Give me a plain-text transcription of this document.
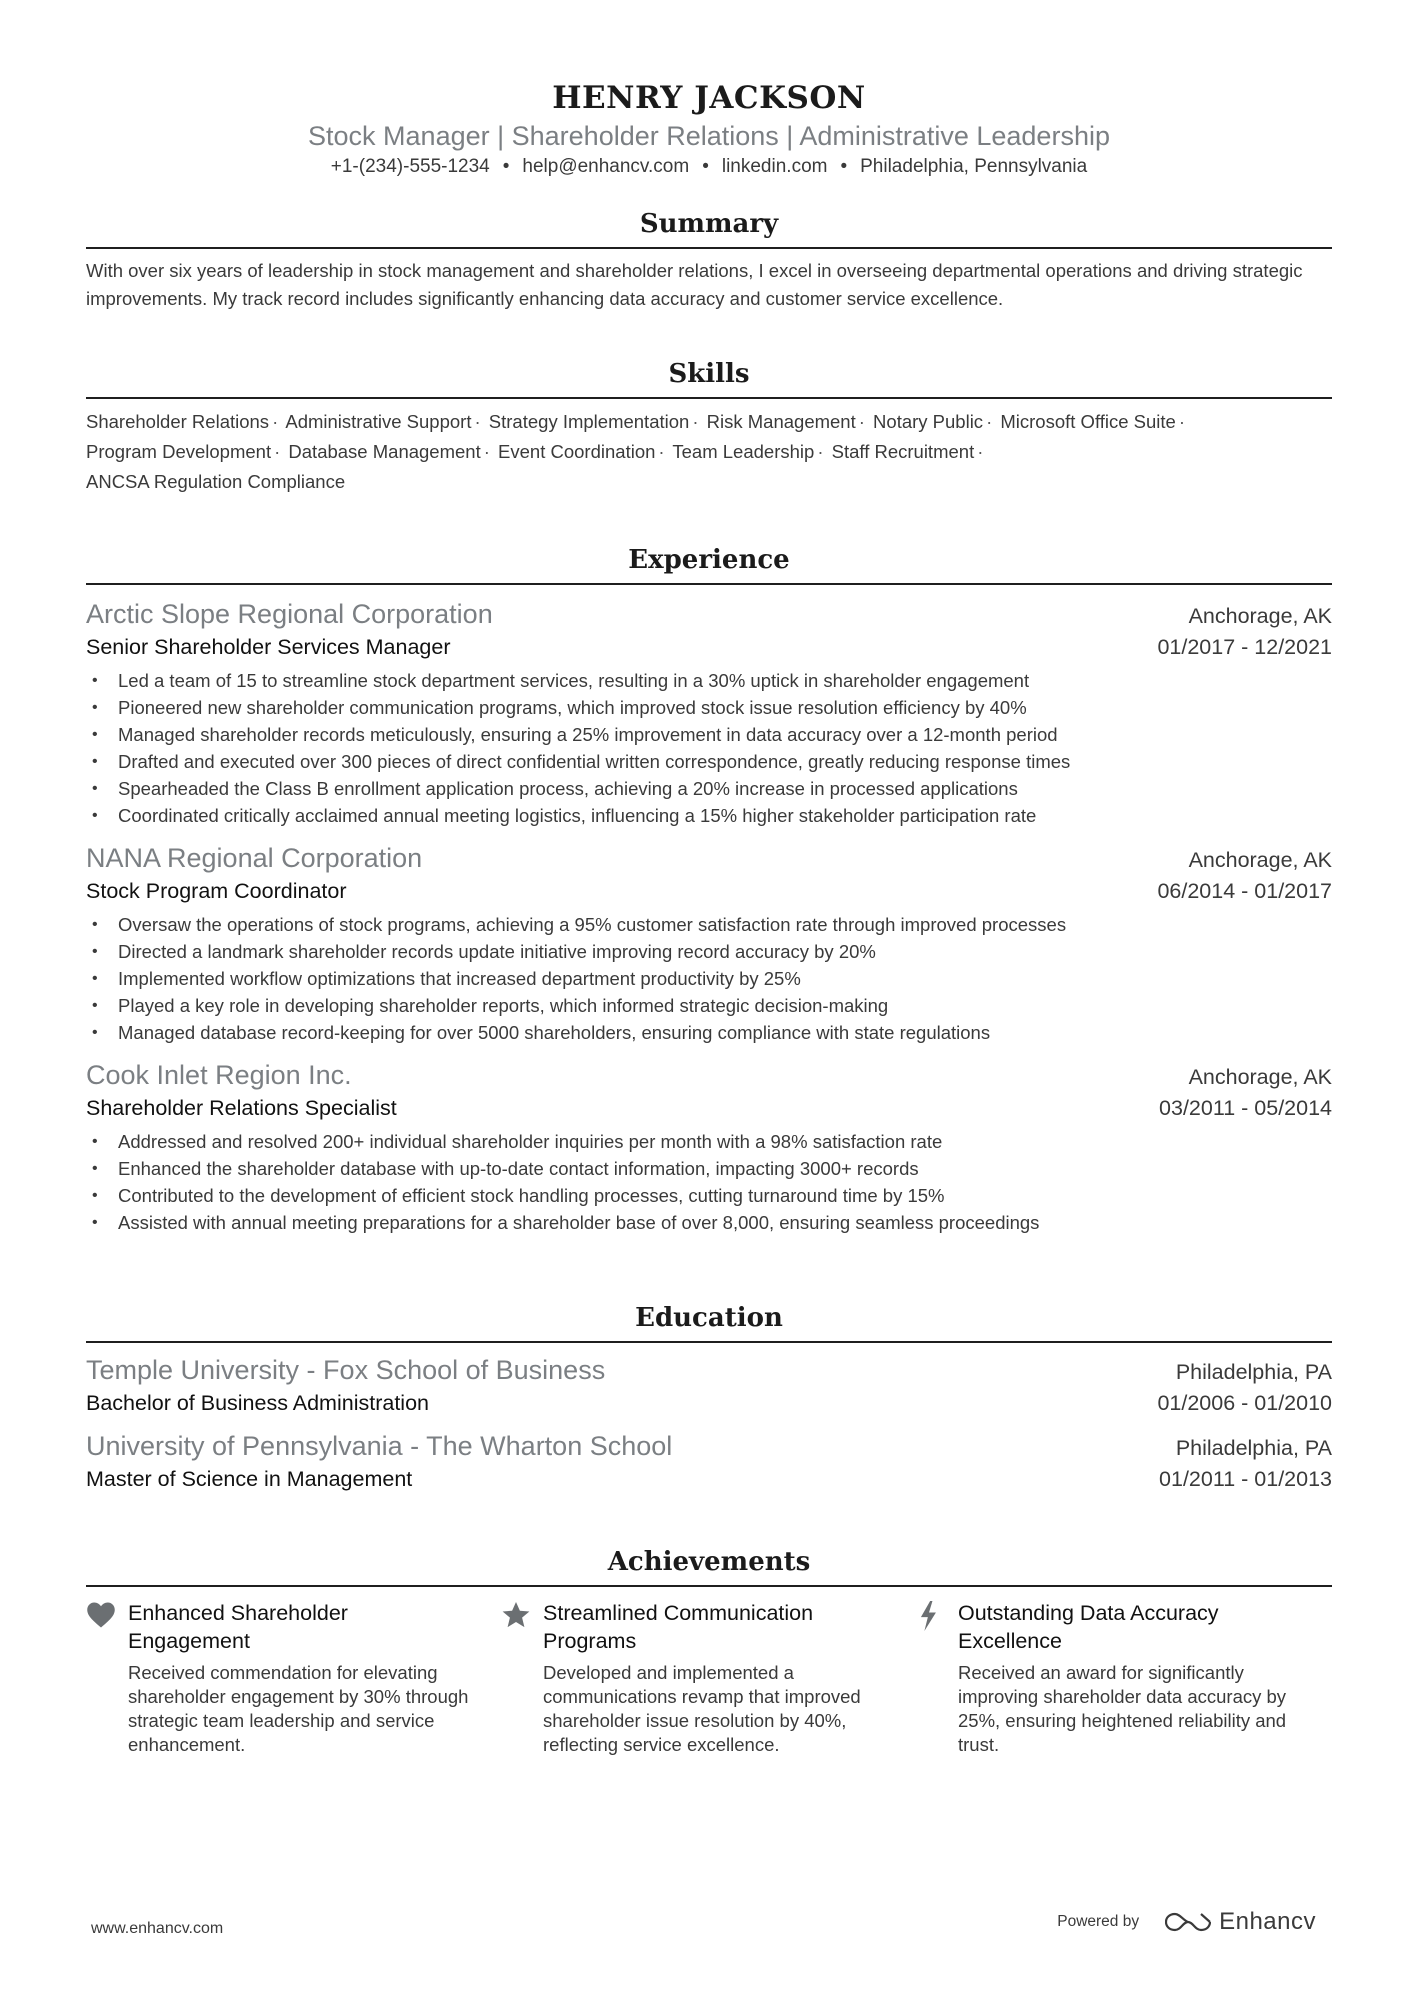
HENRY JACKSON
Stock Manager | Shareholder Relations | Administrative Leadership
+1-(234)-555-1234 • help@enhancv.com • linkedin.com • Philadelphia, Pennsylvania
Summary
With over six years of leadership in stock management and shareholder relations, I excel in overseeing departmental operations and driving strategic improvements. My track record includes significantly enhancing data accuracy and customer service excellence.
Skills
Shareholder Relations · Administrative Support · Strategy Implementation · Risk Management · Notary Public · Microsoft Office Suite ·
Program Development · Database Management · Event Coordination · Team Leadership · Staff Recruitment ·
ANCSA Regulation Compliance
Experience
Arctic Slope Regional Corporation	Anchorage, AK
Senior Shareholder Services Manager	01/2017 - 12/2021
• Led a team of 15 to streamline stock department services, resulting in a 30% uptick in shareholder engagement
• Pioneered new shareholder communication programs, which improved stock issue resolution efficiency by 40%
• Managed shareholder records meticulously, ensuring a 25% improvement in data accuracy over a 12-month period
• Drafted and executed over 300 pieces of direct confidential written correspondence, greatly reducing response times
• Spearheaded the Class B enrollment application process, achieving a 20% increase in processed applications
• Coordinated critically acclaimed annual meeting logistics, influencing a 15% higher stakeholder participation rate
NANA Regional Corporation	Anchorage, AK
Stock Program Coordinator	06/2014 - 01/2017
• Oversaw the operations of stock programs, achieving a 95% customer satisfaction rate through improved processes
• Directed a landmark shareholder records update initiative improving record accuracy by 20%
• Implemented workflow optimizations that increased department productivity by 25%
• Played a key role in developing shareholder reports, which informed strategic decision-making
• Managed database record-keeping for over 5000 shareholders, ensuring compliance with state regulations
Cook Inlet Region Inc.	Anchorage, AK
Shareholder Relations Specialist	03/2011 - 05/2014
• Addressed and resolved 200+ individual shareholder inquiries per month with a 98% satisfaction rate
• Enhanced the shareholder database with up-to-date contact information, impacting 3000+ records
• Contributed to the development of efficient stock handling processes, cutting turnaround time by 15%
• Assisted with annual meeting preparations for a shareholder base of over 8,000, ensuring seamless proceedings
Education
Temple University - Fox School of Business	Philadelphia, PA
Bachelor of Business Administration	01/2006 - 01/2010
University of Pennsylvania - The Wharton School	Philadelphia, PA
Master of Science in Management	01/2011 - 01/2013
Achievements
Enhanced Shareholder Engagement
Received commendation for elevating shareholder engagement by 30% through strategic team leadership and service enhancement.
Streamlined Communication Programs
Developed and implemented a communications revamp that improved shareholder issue resolution by 40%, reflecting service excellence.
Outstanding Data Accuracy Excellence
Received an award for significantly improving shareholder data accuracy by 25%, ensuring heightened reliability and trust.
www.enhancv.com	Powered by	Enhancv
